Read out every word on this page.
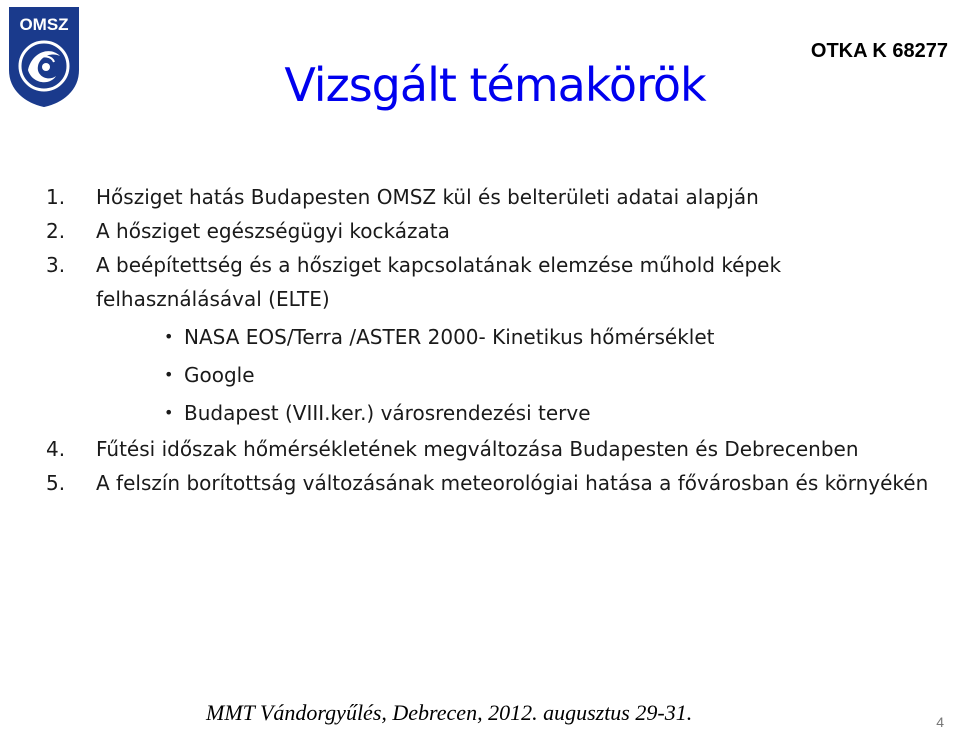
OMSZ
OTKA K 68277
Vizsgált témakörök
1. Hősziget hatás Budapesten OMSZ kül és belterületi adatai alapján
2. A hősziget egészségügyi kockázata
3. A beépítettség és a hősziget kapcsolatának elemzése műhold képek felhasználásával (ELTE)
• NASA EOS/Terra /ASTER 2000- Kinetikus hőmérséklet
• Google
• Budapest (VIII.ker.) városrendezési terve
4. Fűtési időszak hőmérsékletének megváltozása Budapesten és Debrecenben
5. A felszín borítottság változásának meteorológiai hatása a fővárosban és környékén
MMT Vándorgyűlés, Debrecen, 2012. augusztus 29-31.	4
